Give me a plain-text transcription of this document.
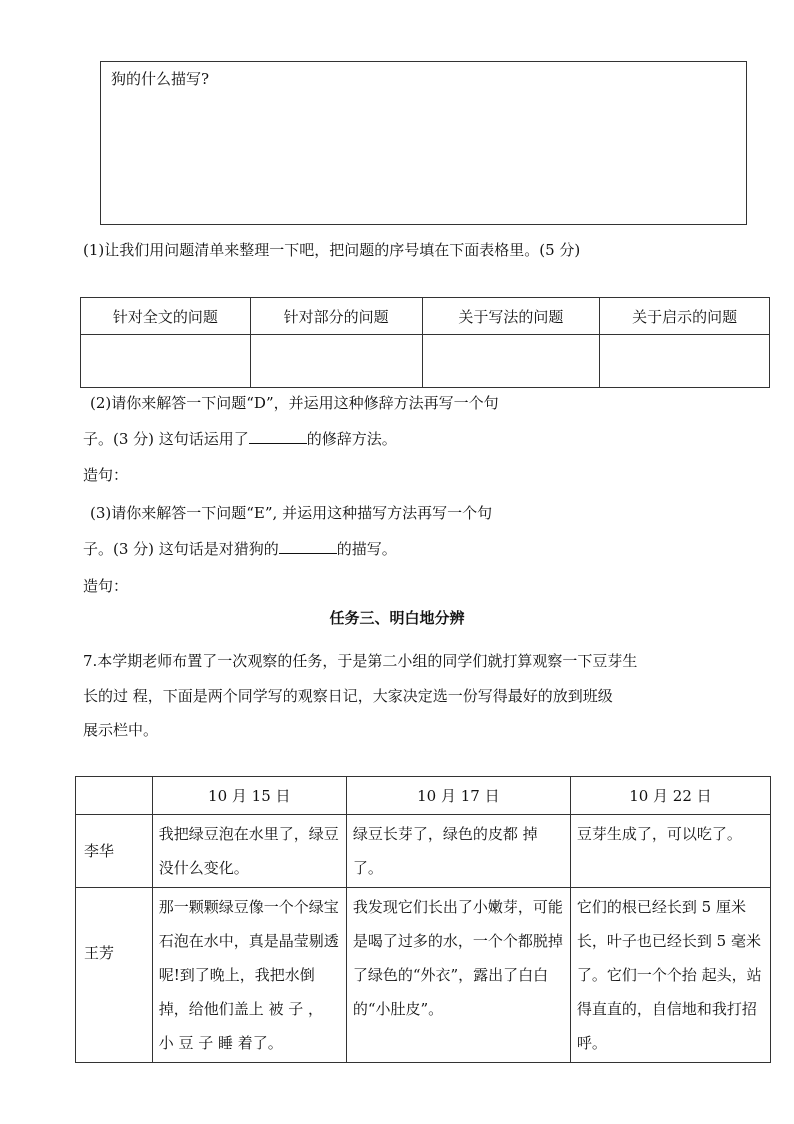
狗的什么描写?
(1)让我们用问题清单来整理一下吧，把问题的序号填在下面表格里。(5 分)
针对全文的问题	针对部分的问题	关于写法的问题	关于启示的问题

(2)请你来解答一下问题“D”，并运用这种修辞方法再写一个句
子。(3 分) 这句话运用了	的修辞方法。
造句：
(3)请你来解答一下问题“E”, 并运用这种描写方法再写一个句
子。(3 分) 这句话是对猎狗的	的描写。
造句：
任务三、明白地分辨
7.本学期老师布置了一次观察的任务，于是第二小组的同学们就打算观察一下豆芽生
长的过 程，下面是两个同学写的观察日记，大家决定选一份写得最好的放到班级
展示栏中。
	10 月 15 日	10 月 17 日	10 月 22 日
李华	我把绿豆泡在水里了，绿豆没什么变化。	绿豆长芽了，绿色的皮都 掉 了。	豆芽生成了，可以吃了。
王芳	那一颗颗绿豆像一个个绿宝石泡在水中，真是晶莹剔透呢!到了晚上，我把水倒掉，给他们盖上 被 子 ， 小 豆 子 睡 着了。	我发现它们长出了小嫩芽，可能是喝了过多的水，一个个都脱掉了绿色的“外衣”，露出了白白的“小肚皮”。	它们的根已经长到 5 厘米长，叶子也已经长到 5 毫米了。它们一个个抬 起头，站得直直的，自信地和我打招呼。
